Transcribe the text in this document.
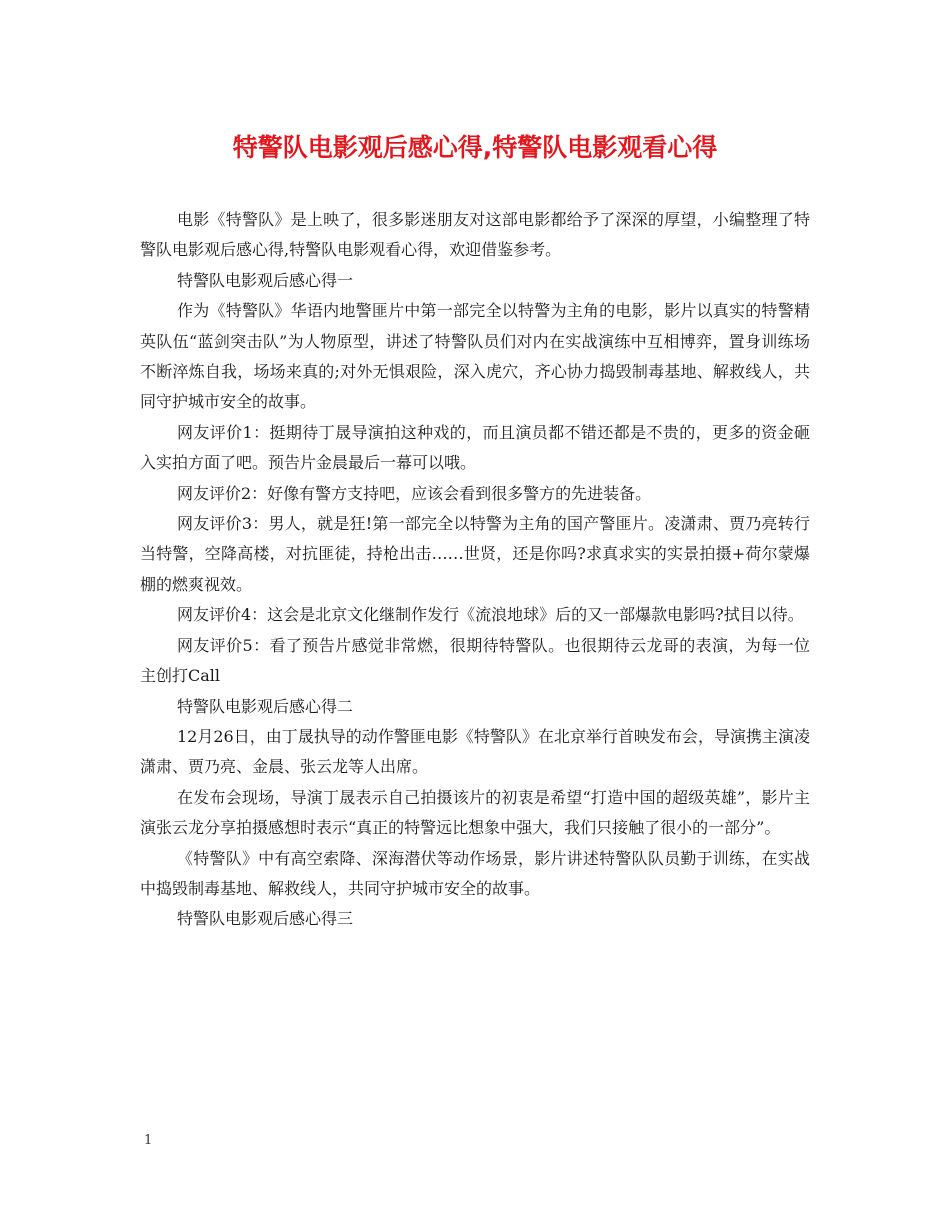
特警队电影观后感心得,特警队电影观看心得

电影《特警队》是上映了，很多影迷朋友对这部电影都给予了深深的厚望，小编整理了特警队电影观后感心得,特警队电影观看心得，欢迎借鉴参考。

特警队电影观后感心得一

作为《特警队》华语内地警匪片中第一部完全以特警为主角的电影，影片以真实的特警精英队伍“蓝剑突击队”为人物原型，讲述了特警队员们对内在实战演练中互相博弈，置身训练场不断淬炼自我，场场来真的;对外无惧艰险，深入虎穴，齐心协力捣毁制毒基地、解救线人，共同守护城市安全的故事。

网友评价1：挺期待丁晟导演拍这种戏的，而且演员都不错还都是不贵的，更多的资金砸入实拍方面了吧。预告片金晨最后一幕可以哦。

网友评价2：好像有警方支持吧，应该会看到很多警方的先进装备。

网友评价3：男人，就是狂!第一部完全以特警为主角的国产警匪片。凌潇肃、贾乃亮转行当特警，空降高楼，对抗匪徒，持枪出击……世贤，还是你吗?求真求实的实景拍摄+荷尔蒙爆棚的燃爽视效。

网友评价4：这会是北京文化继制作发行《流浪地球》后的又一部爆款电影吗?拭目以待。

网友评价5：看了预告片感觉非常燃，很期待特警队。也很期待云龙哥的表演，为每一位主创打Call

特警队电影观后感心得二

12月26日，由丁晟执导的动作警匪电影《特警队》在北京举行首映发布会，导演携主演凌潇肃、贾乃亮、金晨、张云龙等人出席。

在发布会现场，导演丁晟表示自己拍摄该片的初衷是希望“打造中国的超级英雄”，影片主演张云龙分享拍摄感想时表示“真正的特警远比想象中强大，我们只接触了很小的一部分”。

《特警队》中有高空索降、深海潜伏等动作场景，影片讲述特警队队员勤于训练，在实战中捣毁制毒基地、解救线人，共同守护城市安全的故事。

特警队电影观后感心得三

1
